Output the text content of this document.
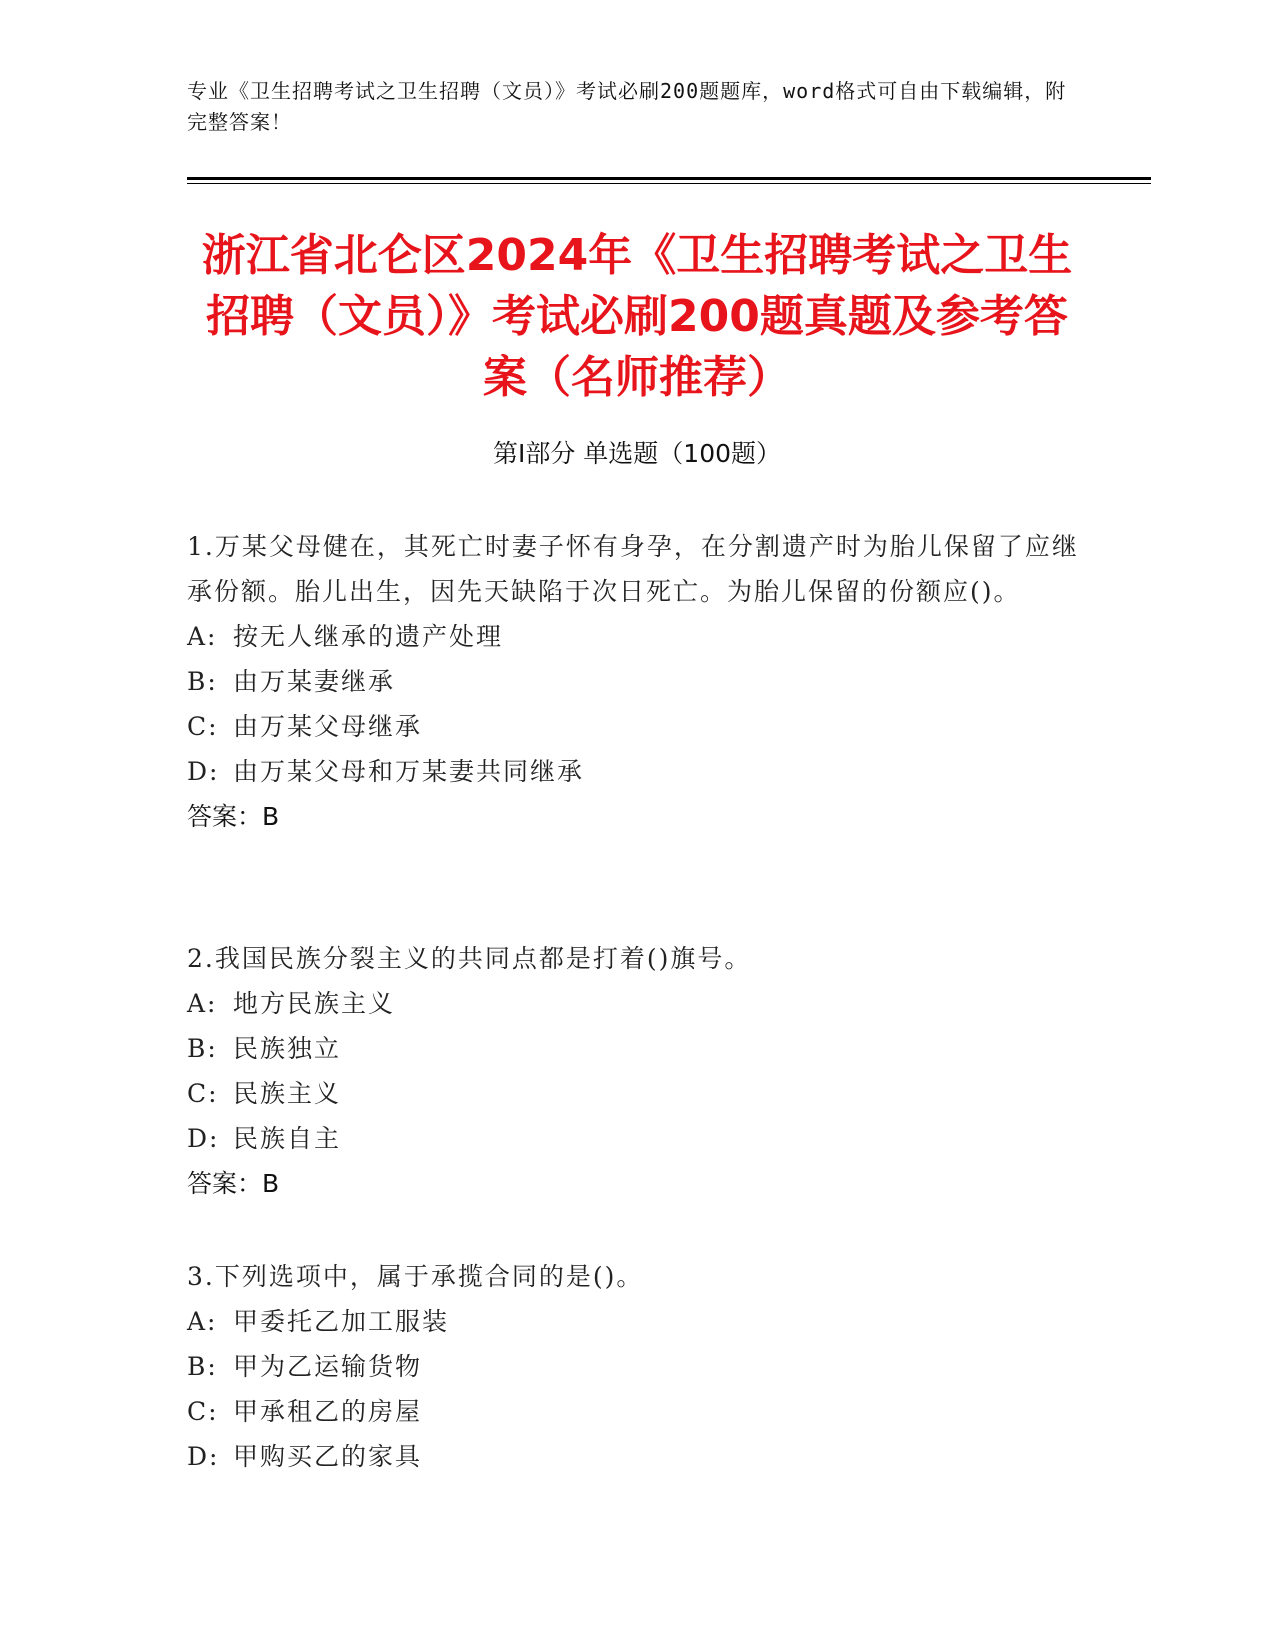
专业《卫生招聘考试之卫生招聘（文员）》考试必刷200题题库，word格式可自由下载编辑，附完整答案！
浙江省北仑区2024年《卫生招聘考试之卫生招聘（文员）》考试必刷200题真题及参考答案（名师推荐）
第I部分 单选题（100题）
1.万某父母健在，其死亡时妻子怀有身孕，在分割遗产时为胎儿保留了应继承份额。胎儿出生，因先天缺陷于次日死亡。为胎儿保留的份额应()。
A: 按无人继承的遗产处理
B: 由万某妻继承
C: 由万某父母继承
D: 由万某父母和万某妻共同继承
答案：B
2.我国民族分裂主义的共同点都是打着()旗号。
A: 地方民族主义
B: 民族独立
C: 民族主义
D: 民族自主
答案：B
3.下列选项中，属于承揽合同的是()。
A: 甲委托乙加工服装
B: 甲为乙运输货物
C: 甲承租乙的房屋
D: 甲购买乙的家具
